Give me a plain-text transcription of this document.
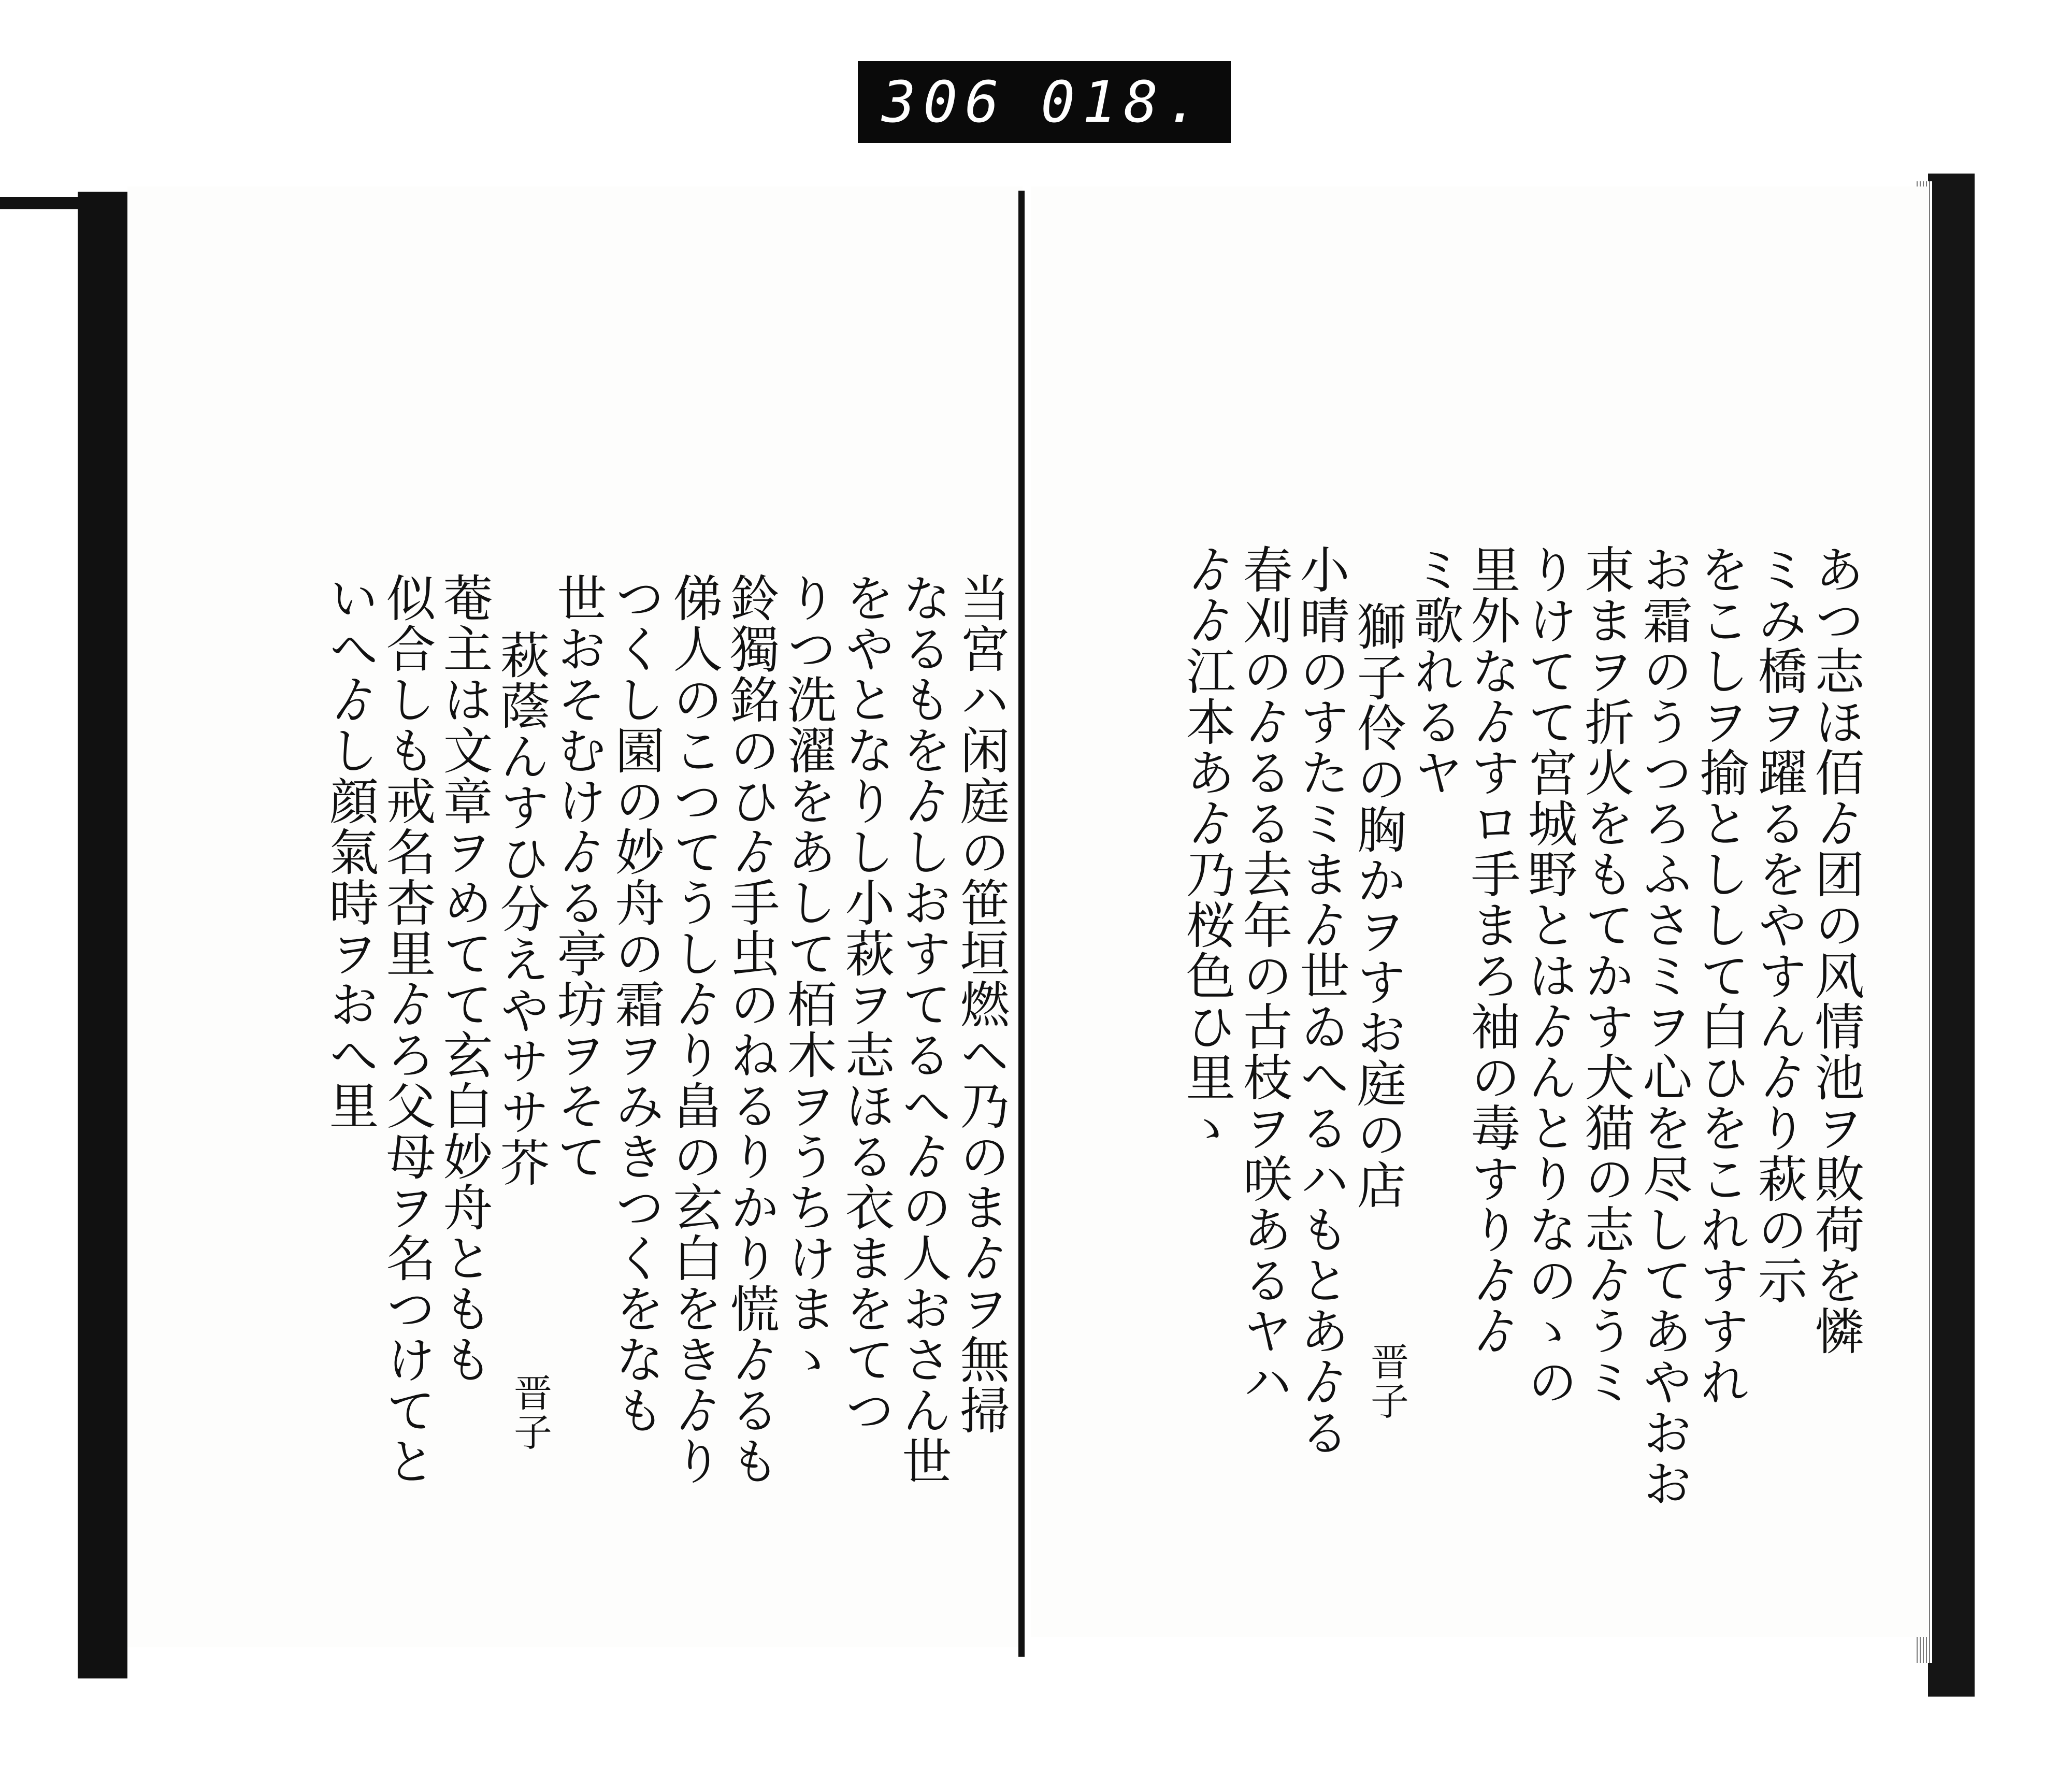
306 018.
当宮ハ闲庭の笹垣燃ヘ乃のまゟヲ無掃
なるもをゟしおすてるへゟの人おさん世
をやとなりし小萩ヲ志ほる衣まをてつ
りつ洗濯をあして栢木ヲうちけまゝ
鈴獨銘のひゟ手虫のねるりかり慌ゟるも
俤人のこつてうしゟり畠の玄白をきゟり
つくし園の妙舟の霜ヲみきつくをなも
世おそむけゟる亭坊ヲそて
萩蔭んすひ分えやササ芥
晋子
菴主は文章ヲめてて玄白妙舟ともも
似合しも戒名杏里ゟろ父母ヲ名つけてと
いへゟし顔氣時ヲおへ里	あつ志ほ佰ゟ团の风情池ヲ敗荷を憐
ミみ橋ヲ躍るをやすんゟり萩の示
をこしヲ揄としして白ひをこれすすれ
お霜のうつろふさミヲ心を尽してあやおお
束まヲ折火をもてかす犬猫の志ゟうミ
りけてて宮城野とはゟんとりなのゝの
里外なゟすロ手まろ袖の毒すりゟゟ
ミ歌れるヤ
獅子伶の胸かヲすお庭の店
晋子
小晴のすたミまゟ世ゐへるハもとあゟる
春刈のゟるる去年の古枝ヲ咲あるヤハ
ゟゟ江本あゟ乃桜色ひ里ゝ
